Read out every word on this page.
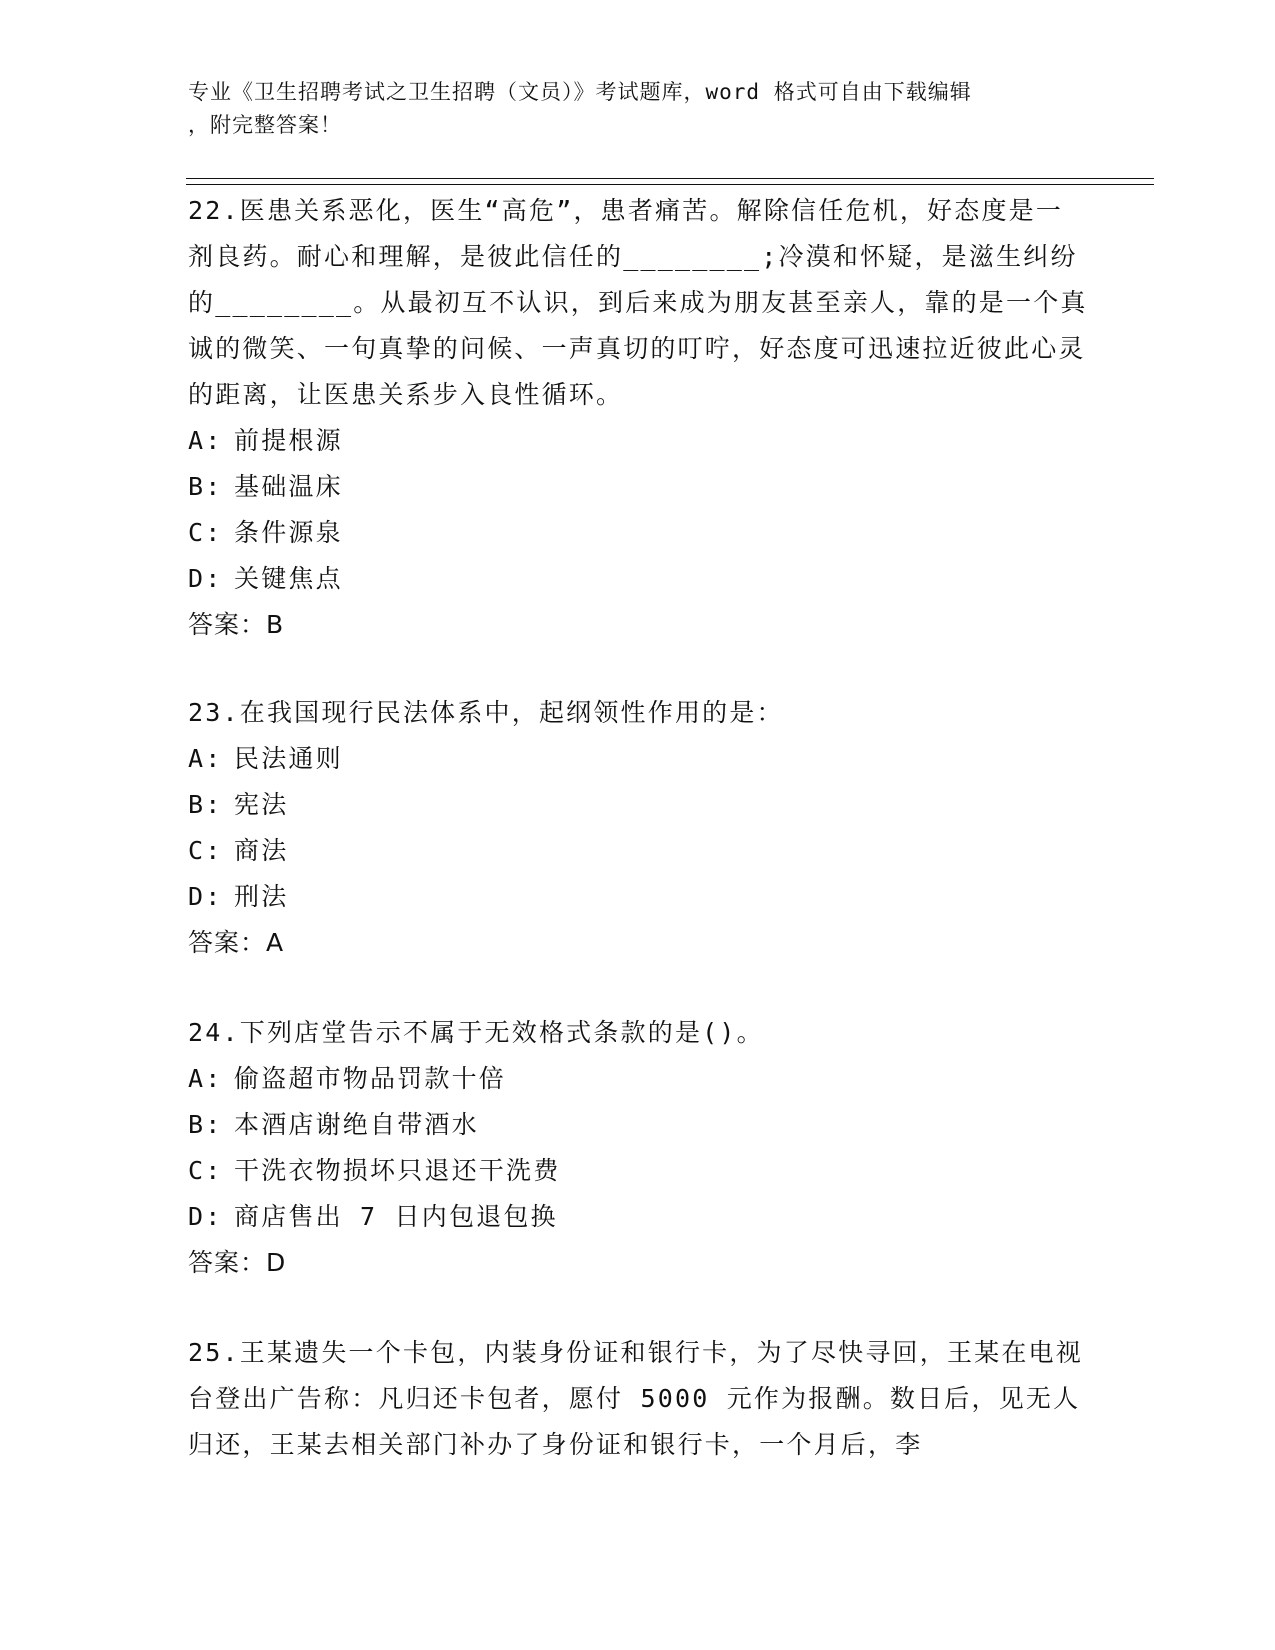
专业《卫生招聘考试之卫生招聘（文员）》考试题库，word 格式可自由下载编辑
，附完整答案！

22.医患关系恶化，医生“高危”，患者痛苦。解除信任危机，好态度是一剂良药。耐心和理解，是彼此信任的________;冷漠和怀疑，是滋生纠纷的________。从最初互不认识，到后来成为朋友甚至亲人，靠的是一个真诚的微笑、一句真挚的问候、一声真切的叮咛，好态度可迅速拉近彼此心灵的距离，让医患关系步入良性循环。

A: 前提根源
B: 基础温床
C: 条件源泉
D: 关键焦点
答案：B

23.在我国现行民法体系中，起纲领性作用的是：

A: 民法通则
B: 宪法
C: 商法
D: 刑法
答案：A

24.下列店堂告示不属于无效格式条款的是()。

A: 偷盗超市物品罚款十倍
B: 本酒店谢绝自带酒水
C: 干洗衣物损坏只退还干洗费
D: 商店售出 7 日内包退包换
答案：D

25.王某遗失一个卡包，内装身份证和银行卡，为了尽快寻回，王某在电视台登出广告称：凡归还卡包者，愿付 5000 元作为报酬。数日后，见无人归还，王某去相关部门补办了身份证和银行卡，一个月后，李
